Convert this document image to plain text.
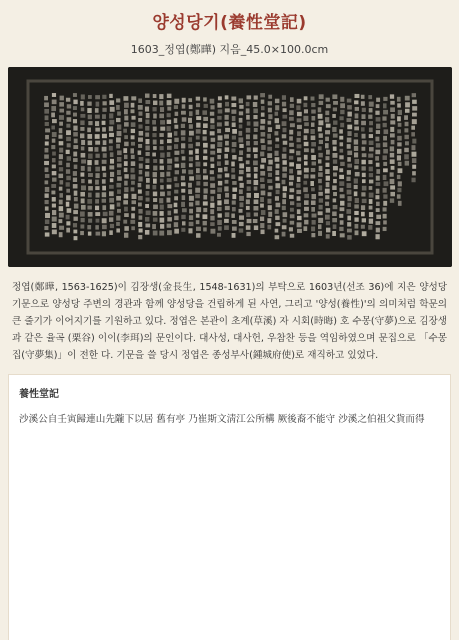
양성당기(養性堂記)
1603_정엽(鄭曄) 지음_45.0×100.0cm
정엽(鄭曄, 1563-1625)이 김장생(金長生, 1548-1631)의 부탁으로 1603년(선조 36)에 지은 양성당 기문으로 양성당 주변의 경관과 함께 양성당을 건립하게 된 사연, 그리고 '양성(養性)'의 의미처럼 학문의 큰 줄기가 이어지기를 기원하고 있다. 정엽은 본관이 초계(草溪) 자 시회(時晦) 호 수몽(守夢)으로 김장생과 같은 율곡 (栗谷) 이이(李珥)의 문인이다. 대사성, 대사헌, 우참찬 등을 역임하였으며 문집으로 「수몽집(守夢集)」이 전한 다. 기문을 쓸 당시 정엽은 종성부사(鍾城府使)로 재직하고 있었다.
養性堂記
沙溪公自壬寅歸連山先隴下以居 舊有亭 乃崔斯文淸江公所構 厥後裔不能守 沙溪之伯祖父貨而得
